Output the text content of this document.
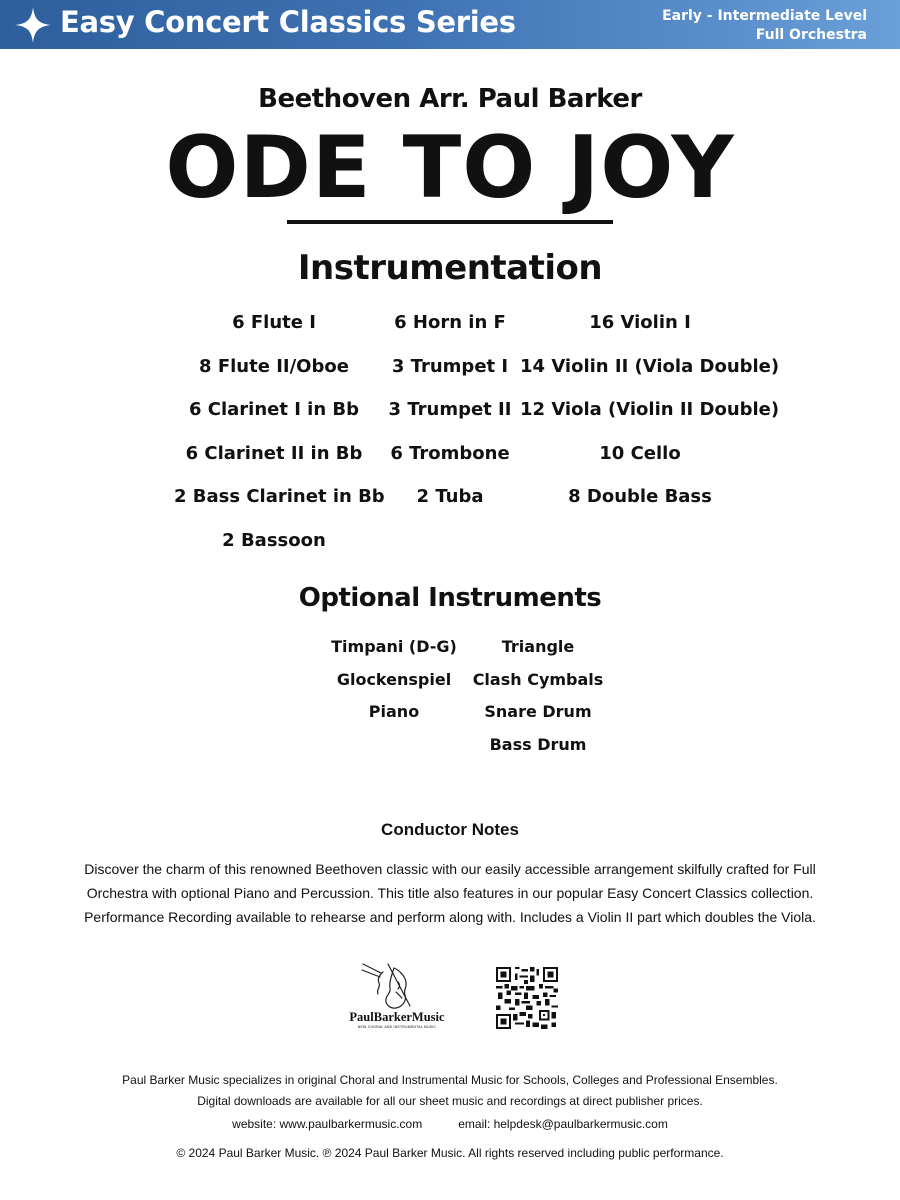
Easy Concert Classics Series	Early - Intermediate Level
Full Orchestra
Beethoven Arr. Paul Barker
ODE TO JOY
Instrumentation
6 Flute I
8 Flute II/Oboe
6 Clarinet I in Bb
6 Clarinet II in Bb
2 Bass Clarinet in Bb
2 Bassoon
6 Horn in F
3 Trumpet I
3 Trumpet II
6 Trombone
2 Tuba
16 Violin I
14 Violin II (Viola Double)
12 Viola (Violin II Double)
10 Cello
8 Double Bass
Optional Instruments
Timpani (D-G)
Glockenspiel
Piano
Triangle
Clash Cymbals
Snare Drum
Bass Drum
Conductor Notes
Discover the charm of this renowned Beethoven classic with our easily accessible arrangement skilfully crafted for Full Orchestra with optional Piano and Percussion. This title also features in our popular Easy Concert Classics collection. Performance Recording available to rehearse and perform along with. Includes a Violin II part which doubles the Viola.
PaulBarkerMusic
NEW CHORAL AND INSTRUMENTAL MUSIC
Paul Barker Music specializes in original Choral and Instrumental Music for Schools, Colleges and Professional Ensembles.
Digital downloads are available for all our sheet music and recordings at direct publisher prices.
website: www.paulbarkermusic.com	email: helpdesk@paulbarkermusic.com
© 2024 Paul Barker Music. ℗ 2024 Paul Barker Music. All rights reserved including public performance.
